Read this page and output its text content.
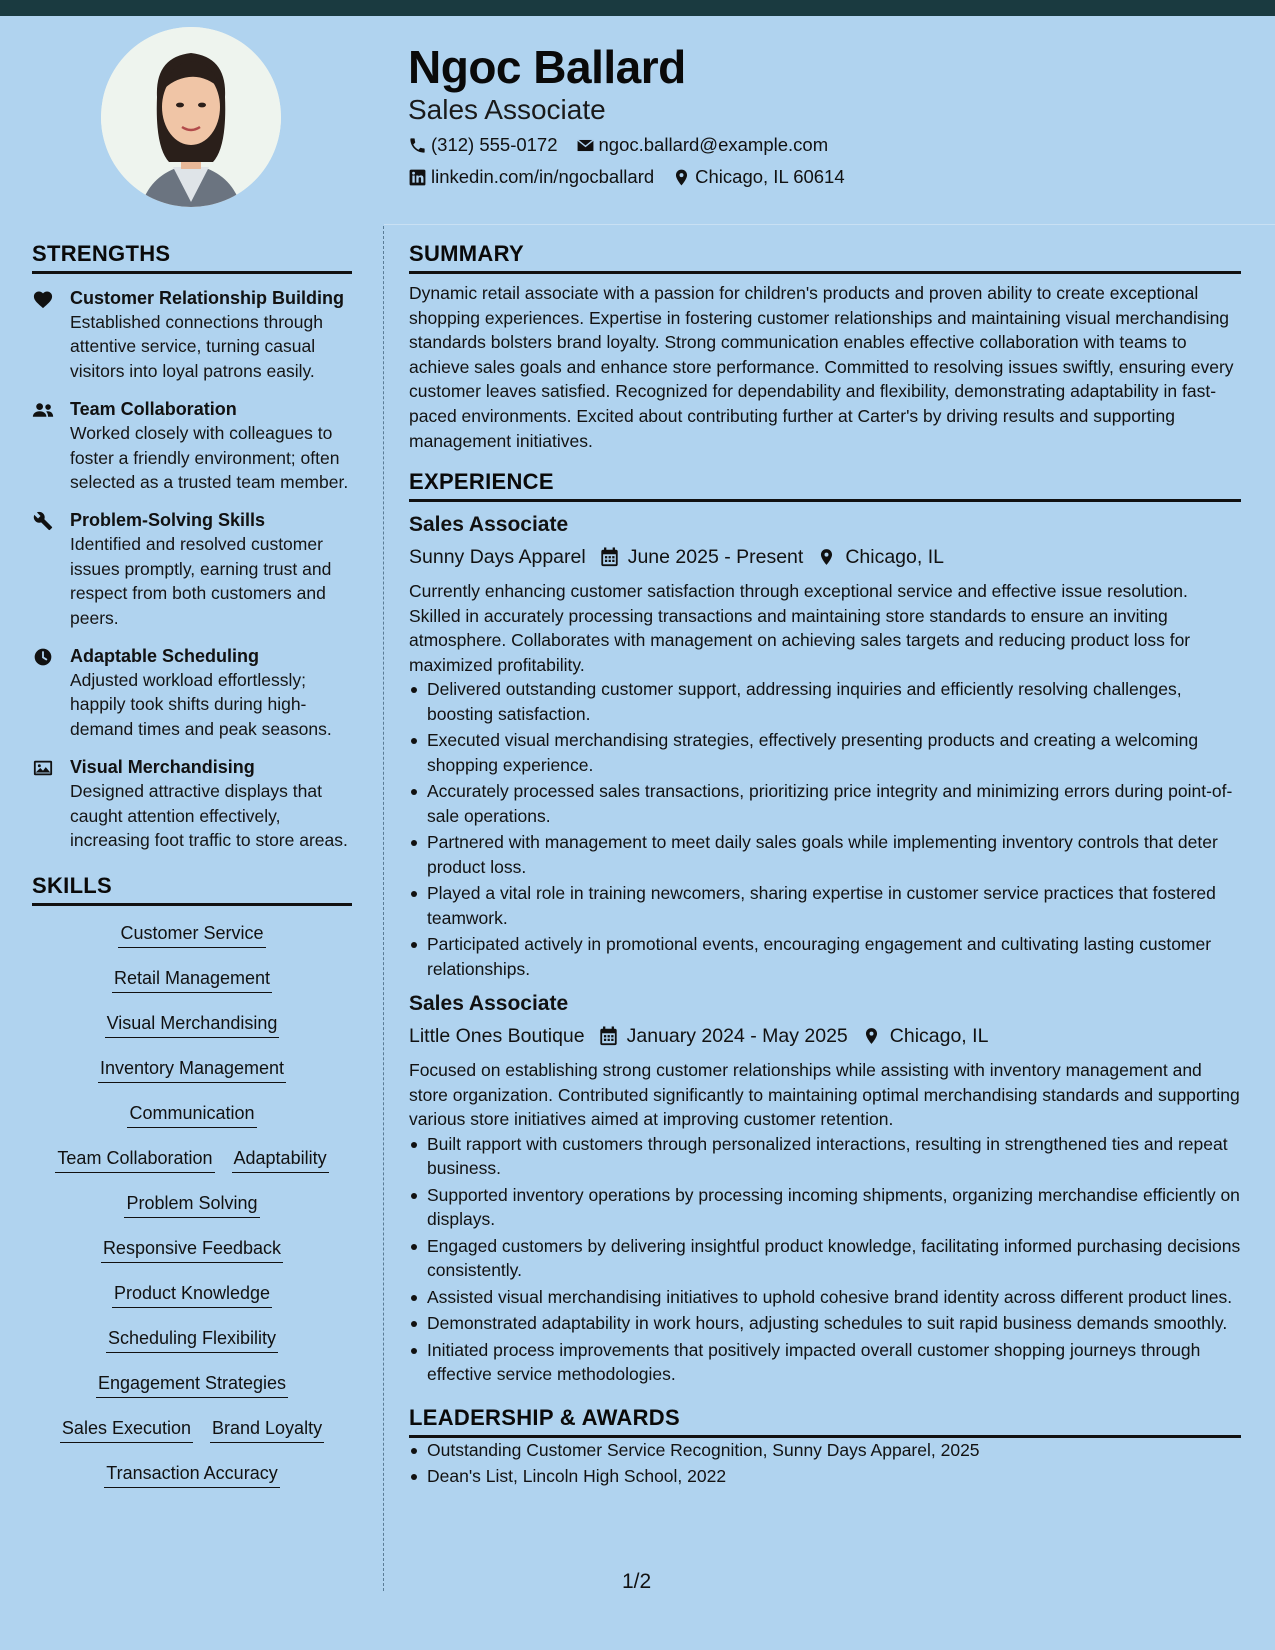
Ngoc Ballard
Sales Associate
(312) 555-0172 ngoc.ballard@example.com
linkedin.com/in/ngocballard Chicago, IL 60614
STRENGTHS
Customer Relationship Building
Established connections through attentive service, turning casual visitors into loyal patrons easily.
Team Collaboration
Worked closely with colleagues to foster a friendly environment; often selected as a trusted team member.
Problem-Solving Skills
Identified and resolved customer issues promptly, earning trust and respect from both customers and peers.
Adaptable Scheduling
Adjusted workload effortlessly; happily took shifts during high-demand times and peak seasons.
Visual Merchandising
Designed attractive displays that caught attention effectively, increasing foot traffic to store areas.
SKILLS
Customer Service
Retail Management
Visual Merchandising
Inventory Management
Communication
Team Collaboration Adaptability
Problem Solving
Responsive Feedback
Product Knowledge
Scheduling Flexibility
Engagement Strategies
Sales Execution Brand Loyalty
Transaction Accuracy
SUMMARY
Dynamic retail associate with a passion for children's products and proven ability to create exceptional shopping experiences. Expertise in fostering customer relationships and maintaining visual merchandising standards bolsters brand loyalty. Strong communication enables effective collaboration with teams to achieve sales goals and enhance store performance. Committed to resolving issues swiftly, ensuring every customer leaves satisfied. Recognized for dependability and flexibility, demonstrating adaptability in fast-paced environments. Excited about contributing further at Carter's by driving results and supporting management initiatives.
EXPERIENCE
Sales Associate
Sunny Days Apparel June 2025 - Present Chicago, IL
Currently enhancing customer satisfaction through exceptional service and effective issue resolution. Skilled in accurately processing transactions and maintaining store standards to ensure an inviting atmosphere. Collaborates with management on achieving sales targets and reducing product loss for maximized profitability.
Delivered outstanding customer support, addressing inquiries and efficiently resolving challenges, boosting satisfaction.
Executed visual merchandising strategies, effectively presenting products and creating a welcoming shopping experience.
Accurately processed sales transactions, prioritizing price integrity and minimizing errors during point-of-sale operations.
Partnered with management to meet daily sales goals while implementing inventory controls that deter product loss.
Played a vital role in training newcomers, sharing expertise in customer service practices that fostered teamwork.
Participated actively in promotional events, encouraging engagement and cultivating lasting customer relationships.
Sales Associate
Little Ones Boutique January 2024 - May 2025 Chicago, IL
Focused on establishing strong customer relationships while assisting with inventory management and store organization. Contributed significantly to maintaining optimal merchandising standards and supporting various store initiatives aimed at improving customer retention.
Built rapport with customers through personalized interactions, resulting in strengthened ties and repeat business.
Supported inventory operations by processing incoming shipments, organizing merchandise efficiently on displays.
Engaged customers by delivering insightful product knowledge, facilitating informed purchasing decisions consistently.
Assisted visual merchandising initiatives to uphold cohesive brand identity across different product lines.
Demonstrated adaptability in work hours, adjusting schedules to suit rapid business demands smoothly.
Initiated process improvements that positively impacted overall customer shopping journeys through effective service methodologies.
LEADERSHIP & AWARDS
Outstanding Customer Service Recognition, Sunny Days Apparel, 2025
Dean's List, Lincoln High School, 2022
1/2
